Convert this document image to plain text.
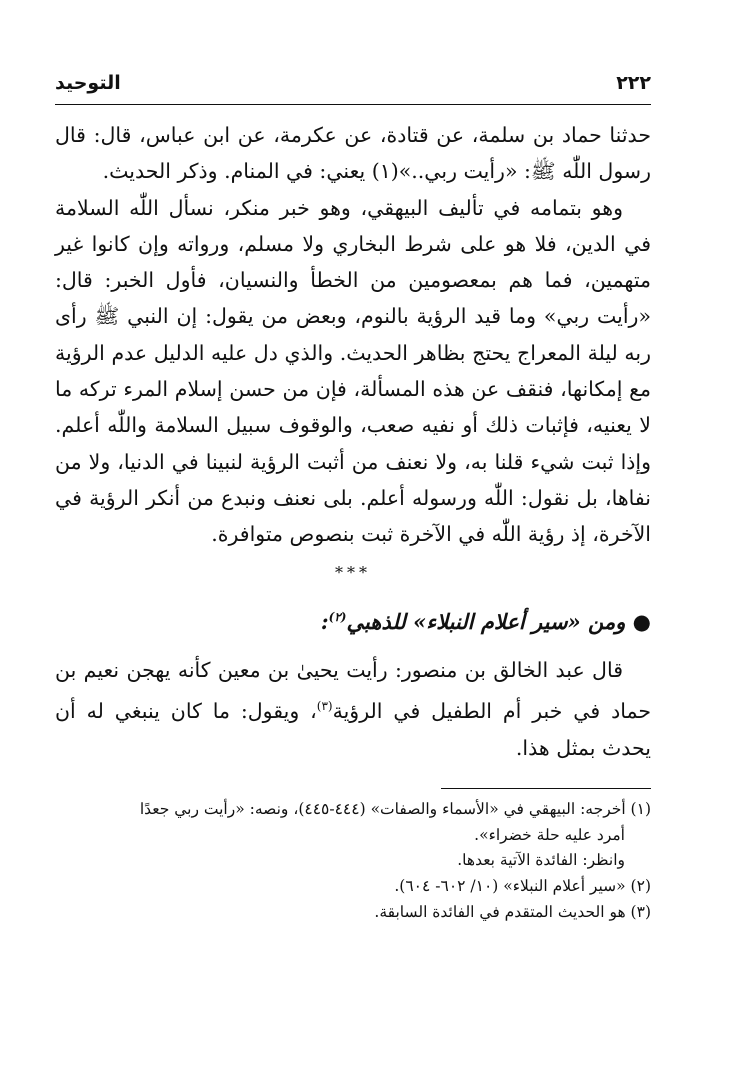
٢٢٢
التوحيد

حدثنا حماد بن سلمة، عن قتادة، عن عكرمة، عن ابن عباس، قال: قال رسول اللّٰه ﷺ: «رأيت ربي..»(١) يعني: في المنام. وذكر الحديث.

وهو بتمامه في تأليف البيهقي، وهو خبر منكر، نسأل اللّٰه السلامة في الدين، فلا هو على شرط البخاري ولا مسلم، ورواته وإن كانوا غير متهمين، فما هم بمعصومين من الخطأ والنسيان، فأول الخبر: قال: «رأيت ربي» وما قيد الرؤية بالنوم، وبعض من يقول: إن النبي ﷺ رأى ربه ليلة المعراج يحتج بظاهر الحديث. والذي دل عليه الدليل عدم الرؤية مع إمكانها، فنقف عن هذه المسألة، فإن من حسن إسلام المرء تركه ما لا يعنيه، فإثبات ذلك أو نفيه صعب، والوقوف سبيل السلامة واللّٰه أعلم. وإذا ثبت شيء قلنا به، ولا نعنف من أثبت الرؤية لنبينا في الدنيا، ولا من نفاها، بل نقول: اللّٰه ورسوله أعلم. بلى نعنف ونبدع من أنكر الرؤية في الآخرة، إذ رؤية اللّٰه في الآخرة ثبت بنصوص متوافرة.

***
● ومن «سير أعلام النبلاء» للذهبي$^{(٢)}$:

قال عبد الخالق بن منصور: رأيت يحيىٰ بن معين كأنه يهجن نعيم بن حماد في خبر أم الطفيل في الرؤية$^{(٣)}$، ويقول: ما كان ينبغي له أن يحدث بمثل هذا.

(١) أخرجه: البيهقي في «الأسماء والصفات» (٤٤٤-٤٤٥)، ونصه: «رأيت ربي جعدًا

أمرد عليه حلة خضراء».

وانظر: الفائدة الآتية بعدها.

(٢) «سير أعلام النبلاء» (١٠/ ٦٠٢- ٦٠٤).

(٣) هو الحديث المتقدم في الفائدة السابقة.
